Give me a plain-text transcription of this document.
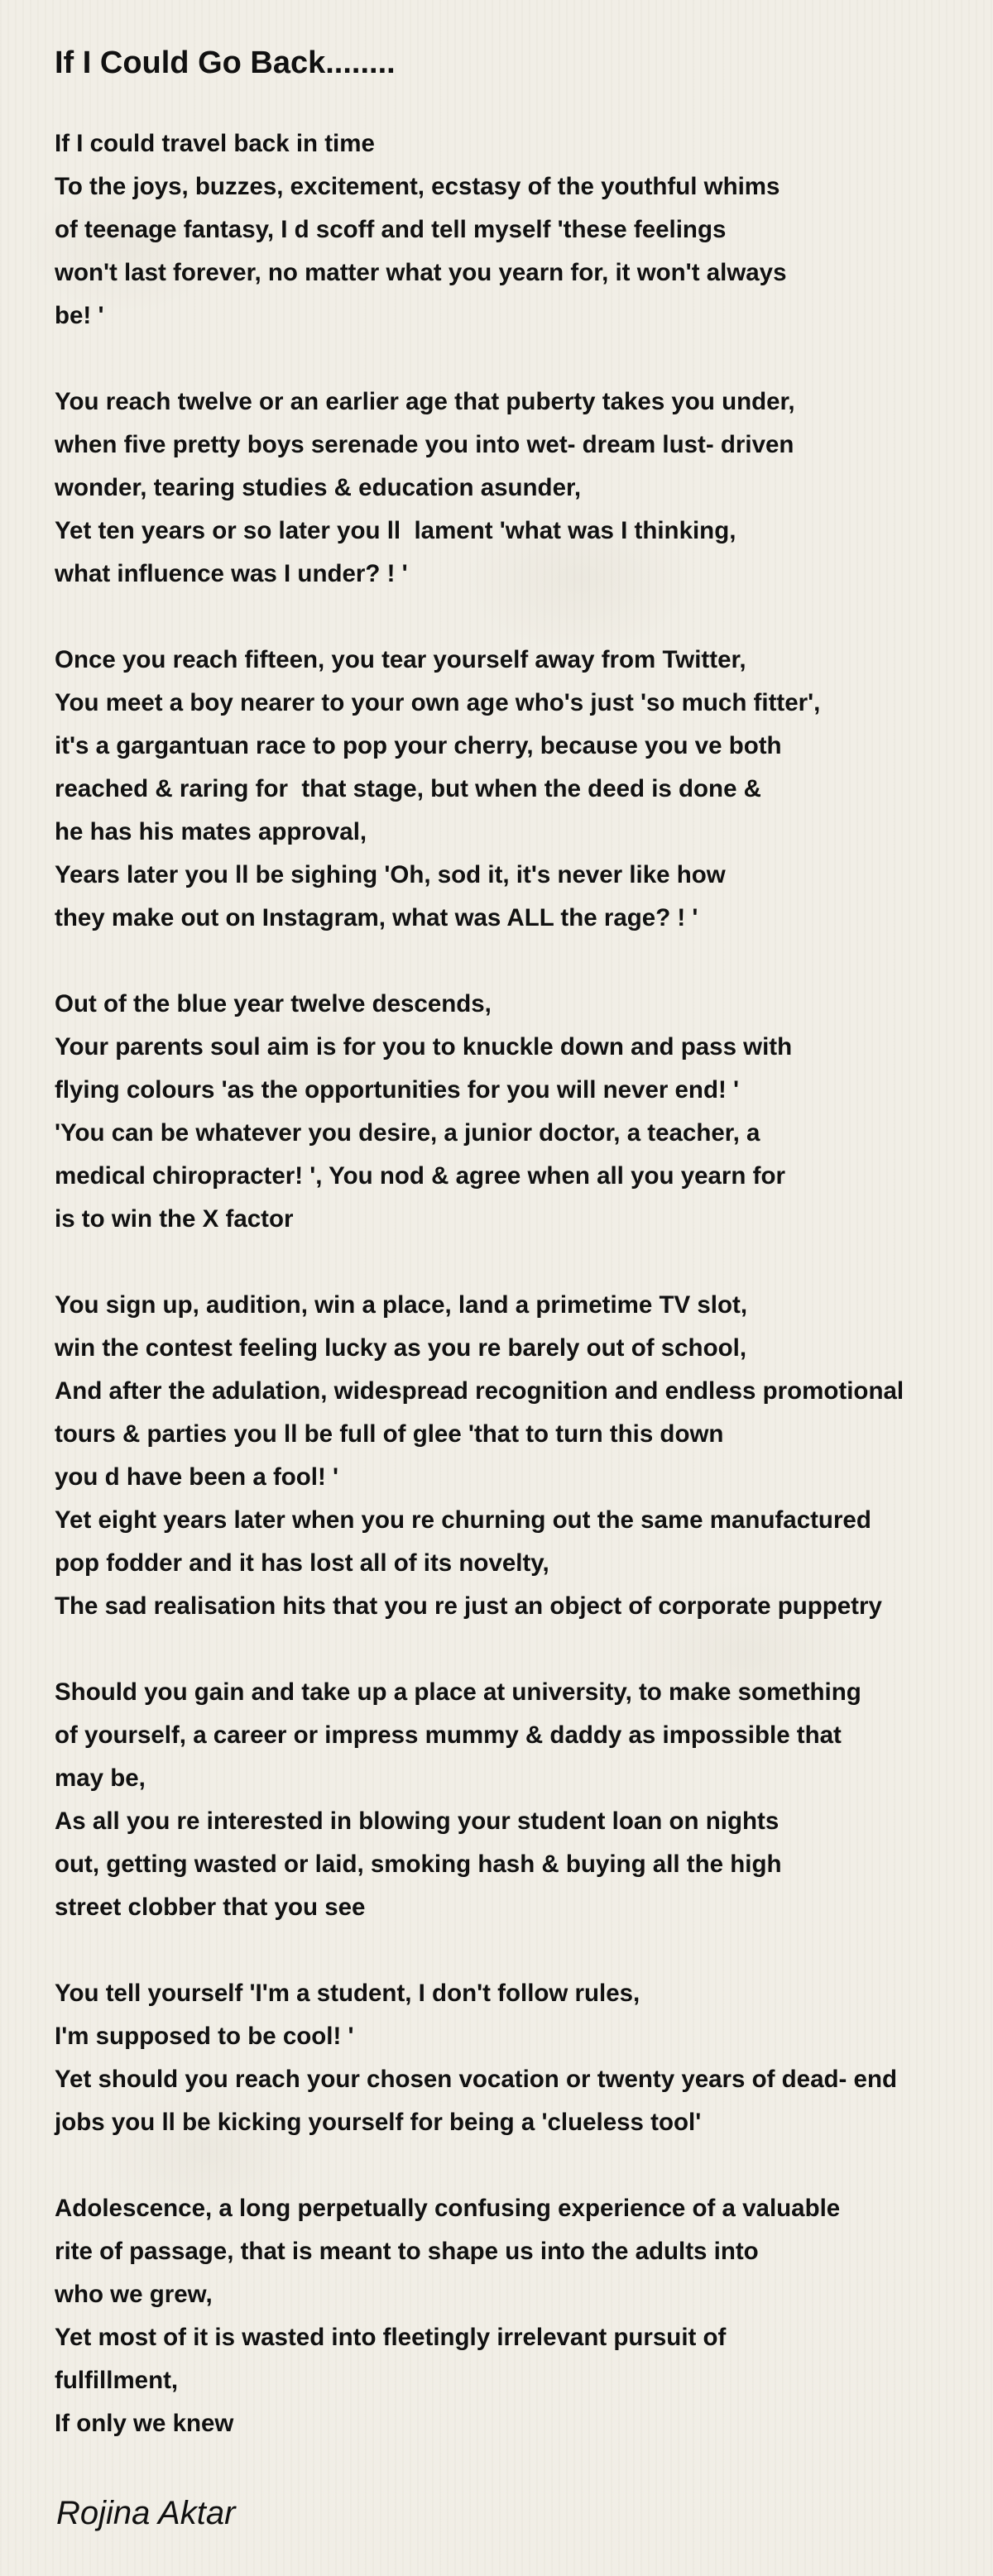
If I Could Go Back........
If I could travel back in time
To the joys, buzzes, excitement, ecstasy of the youthful whims
of teenage fantasy, I d scoff and tell myself 'these feelings
won't last forever, no matter what you yearn for, it won't always
be! '
You reach twelve or an earlier age that puberty takes you under,
when five pretty boys serenade you into wet- dream lust- driven
wonder, tearing studies & education asunder,
Yet ten years or so later you ll  lament 'what was I thinking,
what influence was I under? ! '
Once you reach fifteen, you tear yourself away from Twitter,
You meet a boy nearer to your own age who's just 'so much fitter',
it's a gargantuan race to pop your cherry, because you ve both
reached & raring for  that stage, but when the deed is done &
he has his mates approval,
Years later you ll be sighing 'Oh, sod it, it's never like how
they make out on Instagram, what was ALL the rage? ! '
Out of the blue year twelve descends,
Your parents soul aim is for you to knuckle down and pass with
flying colours 'as the opportunities for you will never end! '
'You can be whatever you desire, a junior doctor, a teacher, a
medical chiropracter! ', You nod & agree when all you yearn for
is to win the X factor
You sign up, audition, win a place, land a primetime TV slot,
win the contest feeling lucky as you re barely out of school,
And after the adulation, widespread recognition and endless promotional
tours & parties you ll be full of glee 'that to turn this down
you d have been a fool! '
Yet eight years later when you re churning out the same manufactured
pop fodder and it has lost all of its novelty,
The sad realisation hits that you re just an object of corporate puppetry
Should you gain and take up a place at university, to make something
of yourself, a career or impress mummy & daddy as impossible that
may be,
As all you re interested in blowing your student loan on nights
out, getting wasted or laid, smoking hash & buying all the high
street clobber that you see
You tell yourself 'I'm a student, I don't follow rules,
I'm supposed to be cool! '
Yet should you reach your chosen vocation or twenty years of dead- end
jobs you ll be kicking yourself for being a 'clueless tool'
Adolescence, a long perpetually confusing experience of a valuable
rite of passage, that is meant to shape us into the adults into
who we grew,
Yet most of it is wasted into fleetingly irrelevant pursuit of
fulfillment,
If only we knew
Rojina Aktar
